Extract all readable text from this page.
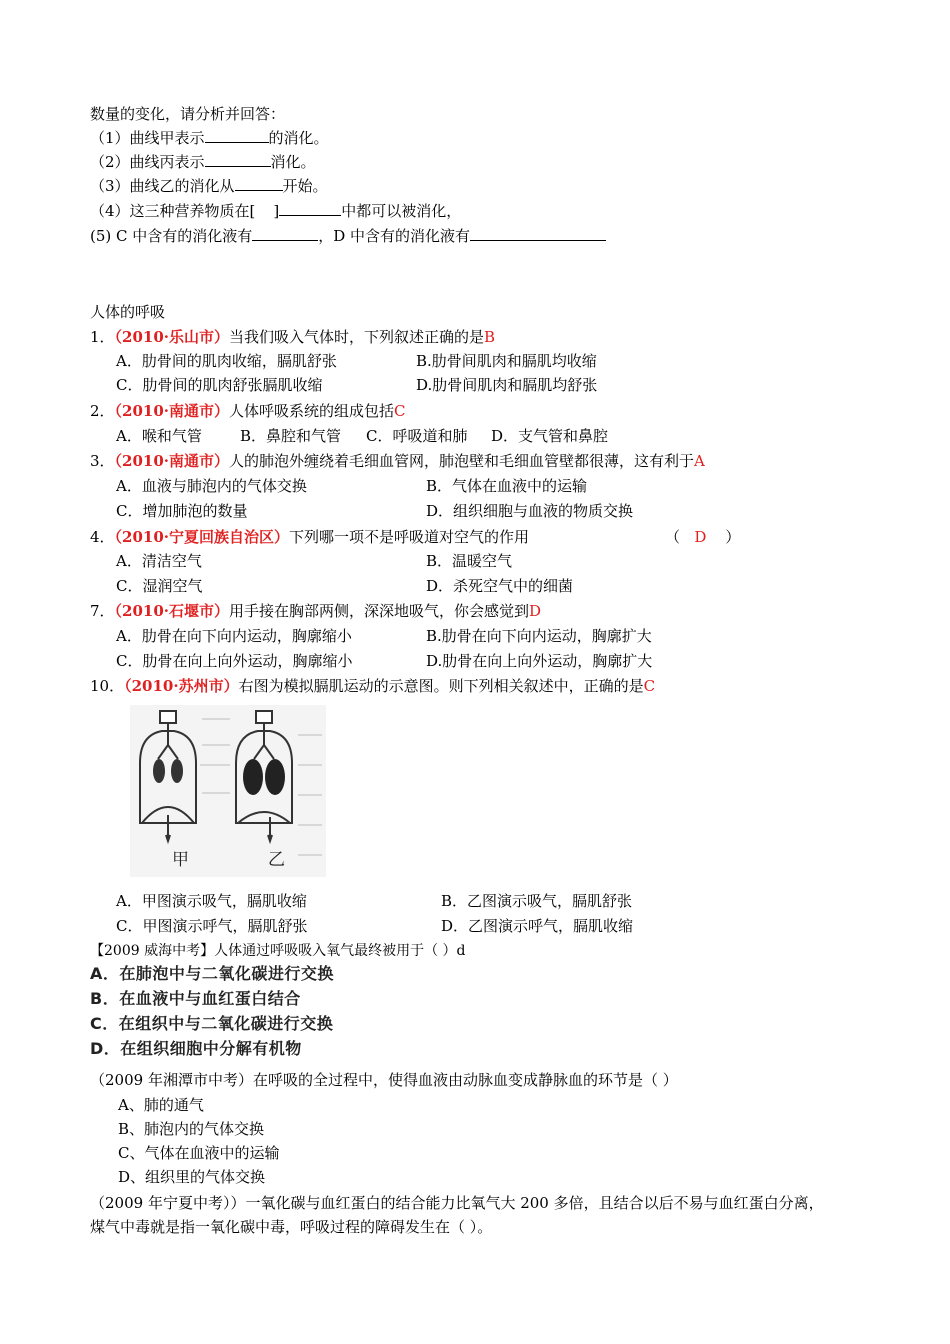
数量的变化，请分析并回答：
（1）曲线甲表示	的消化。
（2）曲线丙表示	消化。
（3）曲线乙的消化从	开始。
（4）这三种营养物质在[ ]	中都可以被消化，
(5) C 中含有的消化液有	，D 中含有的消化液有
人体的呼吸
1．（2010·乐山市）当我们吸入气体时，下列叙述正确的是B
A．肋骨间的肌肉收缩，膈肌舒张	B.肋骨间肌肉和膈肌均收缩
C．肋骨间的肌肉舒张膈肌收缩	D.肋骨间肌肉和膈肌均舒张
2．（2010·南通市）人体呼吸系统的组成包括C
A．喉和气管	B．鼻腔和气管 C．呼吸道和肺 D．支气管和鼻腔
3．（2010·南通市）人的肺泡外缠绕着毛细血管网，肺泡壁和毛细血管壁都很薄，这有利于A
A．血液与肺泡内的气体交换	B．气体在血液中的运输
C．增加肺泡的数量	D．组织细胞与血液的物质交换
4．（2010·宁夏回族自治区）下列哪一项不是呼吸道对空气的作用	（   D    ）
A．清洁空气	B．温暖空气
C．湿润空气	D．杀死空气中的细菌
7．（2010·石堰市）用手接在胸部两侧，深深地吸气，你会感觉到D
A．肋骨在向下向内运动，胸廓缩小	B.肋骨在向下向内运动，胸廓扩大
C．肋骨在向上向外运动，胸廓缩小	D.肋骨在向上向外运动，胸廓扩大
10．（2010·苏州市）右图为模拟膈肌运动的示意图。则下列相关叙述中，正确的是C
甲	乙
A．甲图演示吸气，膈肌收缩	B．乙图演示吸气，膈肌舒张
C．甲图演示呼气，膈肌舒张	D．乙图演示呼气，膈肌收缩
【2009 威海中考】人体通过呼吸吸入氧气最终被用于（ ）d
A．在肺泡中与二氧化碳进行交换
B．在血液中与血红蛋白结合
C．在组织中与二氧化碳进行交换
D．在组织细胞中分解有机物
（2009 年湘潭市中考）在呼吸的全过程中，使得血液由动脉血变成静脉血的环节是（ ）
A、肺的通气
B、肺泡内的气体交换
C、气体在血液中的运输
D、组织里的气体交换
（2009 年宁夏中考））一氧化碳与血红蛋白的结合能力比氧气大 200 多倍，且结合以后不易与血红蛋白分离，
煤气中毒就是指一氧化碳中毒，呼吸过程的障碍发生在（ ）。
